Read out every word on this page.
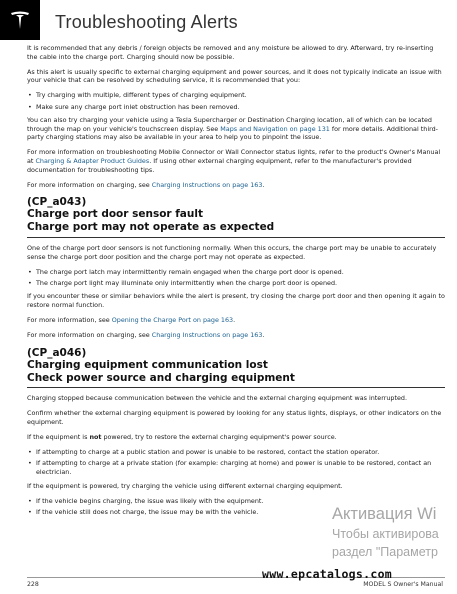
Troubleshooting Alerts

It is recommended that any debris / foreign objects be removed and any moisture be allowed to dry. Afterward, try re-inserting the cable into the charge port. Charging should now be possible.

As this alert is usually specific to external charging equipment and power sources, and it does not typically indicate an issue with your vehicle that can be resolved by scheduling service, it is recommended that you:

• Try charging with multiple, different types of charging equipment.
• Make sure any charge port inlet obstruction has been removed.

You can also try charging your vehicle using a Tesla Supercharger or Destination Charging location, all of which can be located through the map on your vehicle's touchscreen display. See Maps and Navigation on page 131 for more details. Additional third-party charging stations may also be available in your area to help you to pinpoint the issue.

For more information on troubleshooting Mobile Connector or Wall Connector status lights, refer to the product's Owner's Manual at Charging & Adapter Product Guides. If using other external charging equipment, refer to the manufacturer's provided documentation for troubleshooting tips.

For more information on charging, see Charging Instructions on page 163.

(CP_a043)
Charge port door sensor fault
Charge port may not operate as expected

One of the charge port door sensors is not functioning normally. When this occurs, the charge port may be unable to accurately sense the charge port door position and the charge port may not operate as expected.

• The charge port latch may intermittently remain engaged when the charge port door is opened.
• The charge port light may illuminate only intermittently when the charge port door is opened.

If you encounter these or similar behaviors while the alert is present, try closing the charge port door and then opening it again to restore normal function.

For more information, see Opening the Charge Port on page 163.

For more information on charging, see Charging Instructions on page 163.

(CP_a046)
Charging equipment communication lost
Check power source and charging equipment

Charging stopped because communication between the vehicle and the external charging equipment was interrupted.

Confirm whether the external charging equipment is powered by looking for any status lights, displays, or other indicators on the equipment.

If the equipment is not powered, try to restore the external charging equipment's power source.

• If attempting to charge at a public station and power is unable to be restored, contact the station operator.
• If attempting to charge at a private station (for example: charging at home) and power is unable to be restored, contact an electrician.

If the equipment is powered, try charging the vehicle using different external charging equipment.

• If the vehicle begins charging, the issue was likely with the equipment.
• If the vehicle still does not charge, the issue may be with the vehicle.	Активация Wi
Чтобы активирова
раздел "Параметр
228
www.epcatalogs.com
MODEL S Owner's Manual
